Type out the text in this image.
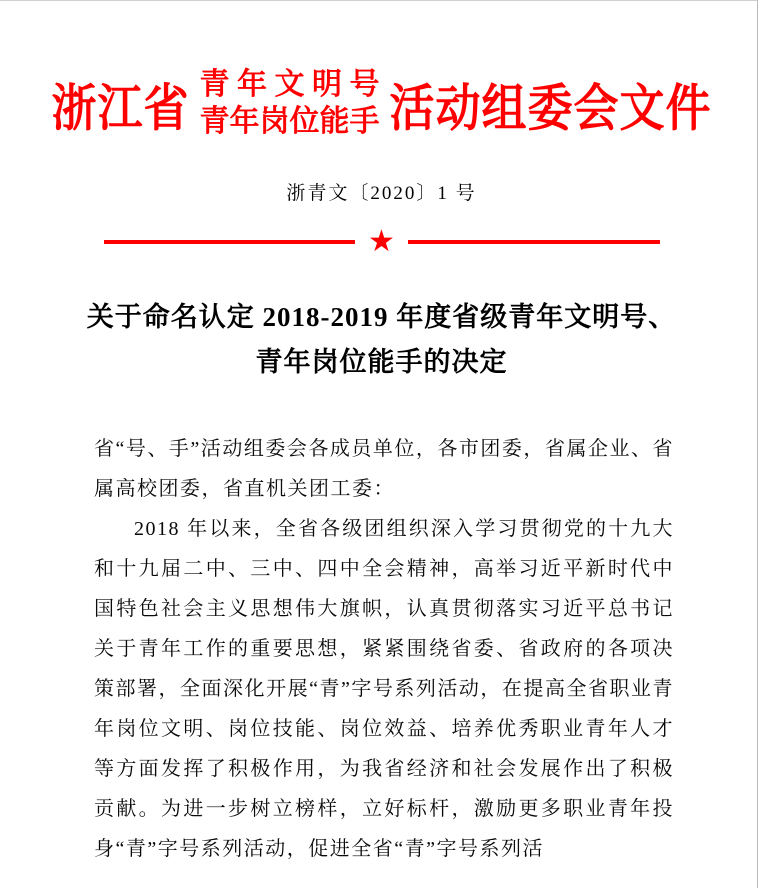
浙江省 青年文明号
青年岗位能手 活动组委会文件
浙青文〔2020〕1 号
★
关于命名认定 2018-2019 年度省级青年文明号、
青年岗位能手的决定

省“号、手”活动组委会各成员单位，各市团委，省属企业、省属高校团委，省直机关团工委：

2018 年以来，全省各级团组织深入学习贯彻党的十九大和十九届二中、三中、四中全会精神，高举习近平新时代中国特色社会主义思想伟大旗帜，认真贯彻落实习近平总书记关于青年工作的重要思想，紧紧围绕省委、省政府的各项决策部署，全面深化开展“青”字号系列活动，在提高全省职业青年岗位文明、岗位技能、岗位效益、培养优秀职业青年人才等方面发挥了积极作用，为我省经济和社会发展作出了积极贡献。为进一步树立榜样，立好标杆，激励更多职业青年投身“青”字号系列活动，促进全省“青”字号系列活
